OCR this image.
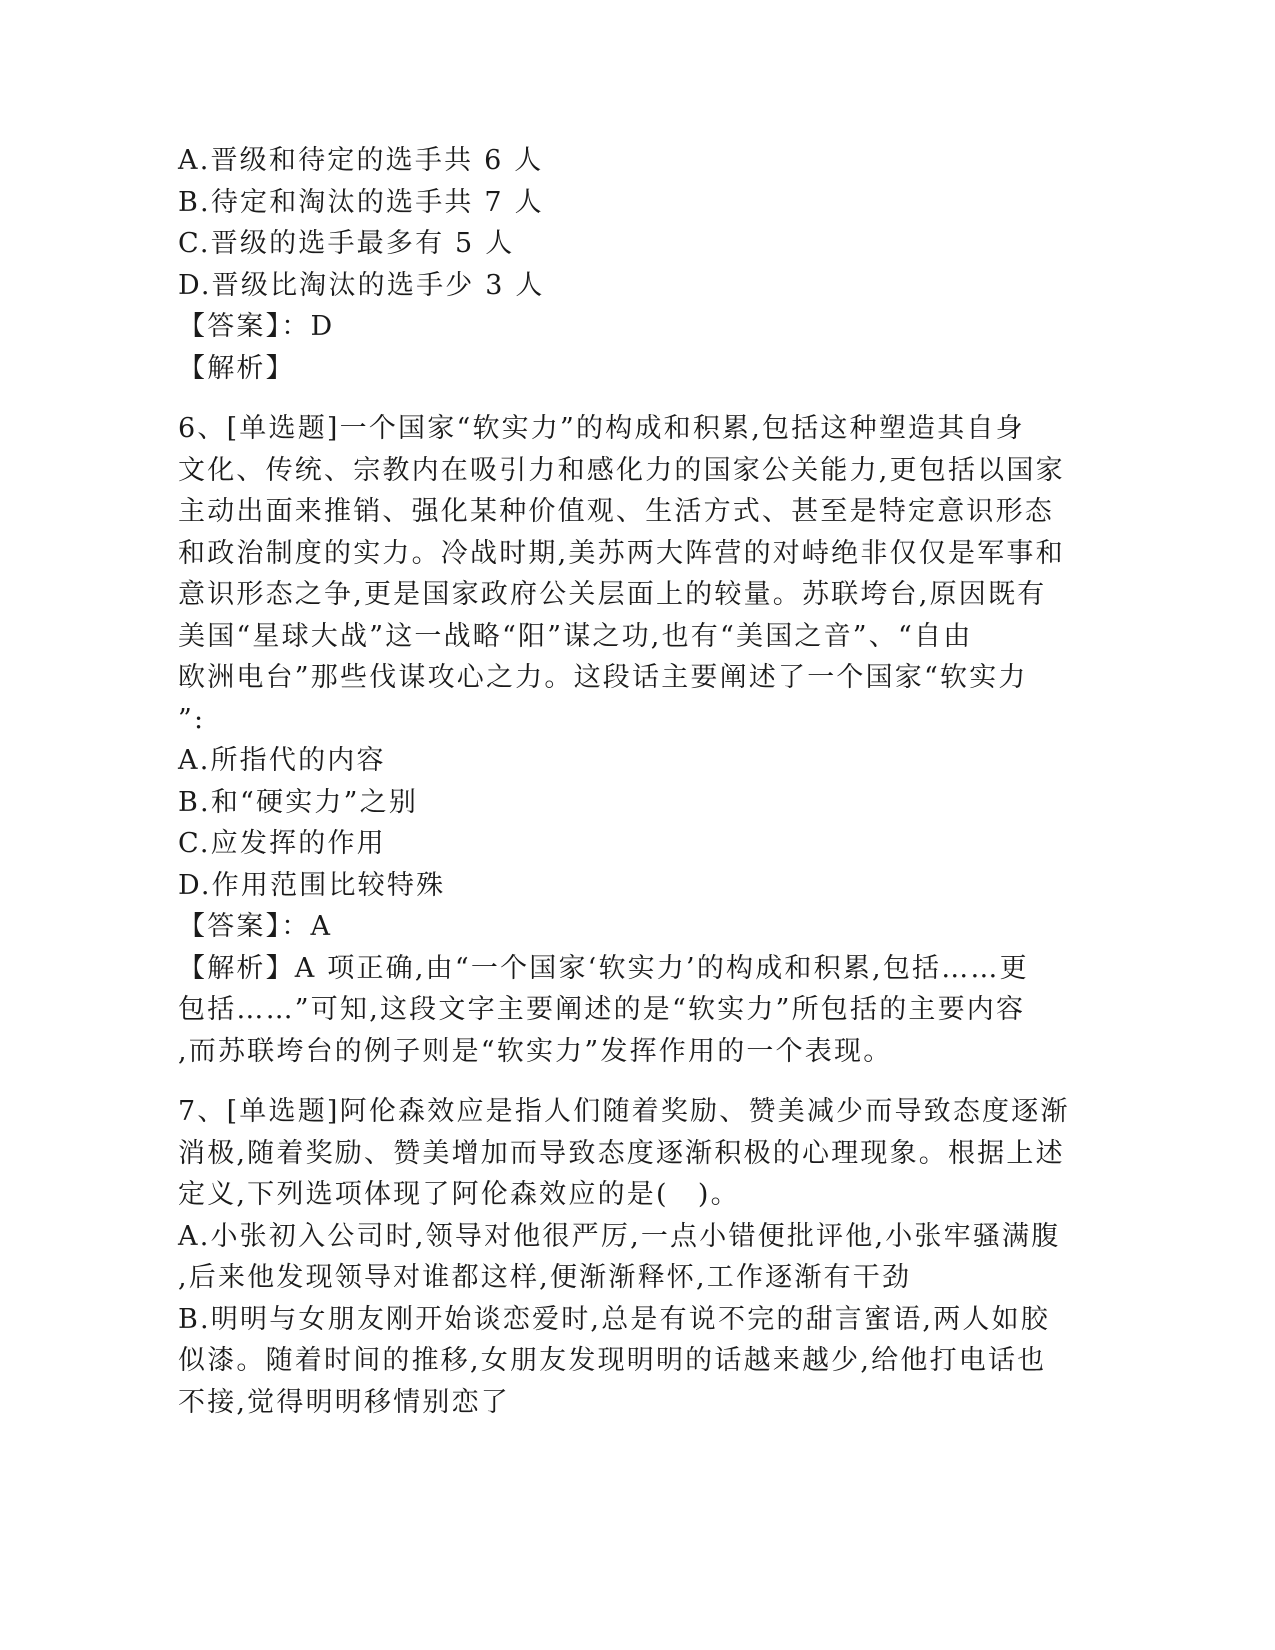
A.晋级和待定的选手共 6 人
B.待定和淘汰的选手共 7 人
C.晋级的选手最多有 5 人
D.晋级比淘汰的选手少 3 人
【答案】：D
【解析】
6、[单选题]一个国家“软实力”的构成和积累,包括这种塑造其自身
文化、传统、宗教内在吸引力和感化力的国家公关能力,更包括以国家
主动出面来推销、强化某种价值观、生活方式、甚至是特定意识形态
和政治制度的实力。冷战时期,美苏两大阵营的对峙绝非仅仅是军事和
意识形态之争,更是国家政府公关层面上的较量。苏联垮台,原因既有
美国“星球大战”这一战略“阳”谋之功,也有“美国之音”、“自由
欧洲电台”那些伐谋攻心之力。这段话主要阐述了一个国家“软实力
”:
A.所指代的内容
B.和“硬实力”之别
C.应发挥的作用
D.作用范围比较特殊
【答案】：A
【解析】A 项正确,由“一个国家‘软实力’的构成和积累,包括……更
包括……”可知,这段文字主要阐述的是“软实力”所包括的主要内容
,而苏联垮台的例子则是“软实力”发挥作用的一个表现。
7、[单选题]阿伦森效应是指人们随着奖励、赞美减少而导致态度逐渐
消极,随着奖励、赞美增加而导致态度逐渐积极的心理现象。根据上述
定义,下列选项体现了阿伦森效应的是(　)。
A.小张初入公司时,领导对他很严厉,一点小错便批评他,小张牢骚满腹
,后来他发现领导对谁都这样,便渐渐释怀,工作逐渐有干劲
B.明明与女朋友刚开始谈恋爱时,总是有说不完的甜言蜜语,两人如胶
似漆。随着时间的推移,女朋友发现明明的话越来越少,给他打电话也
不接,觉得明明移情别恋了
